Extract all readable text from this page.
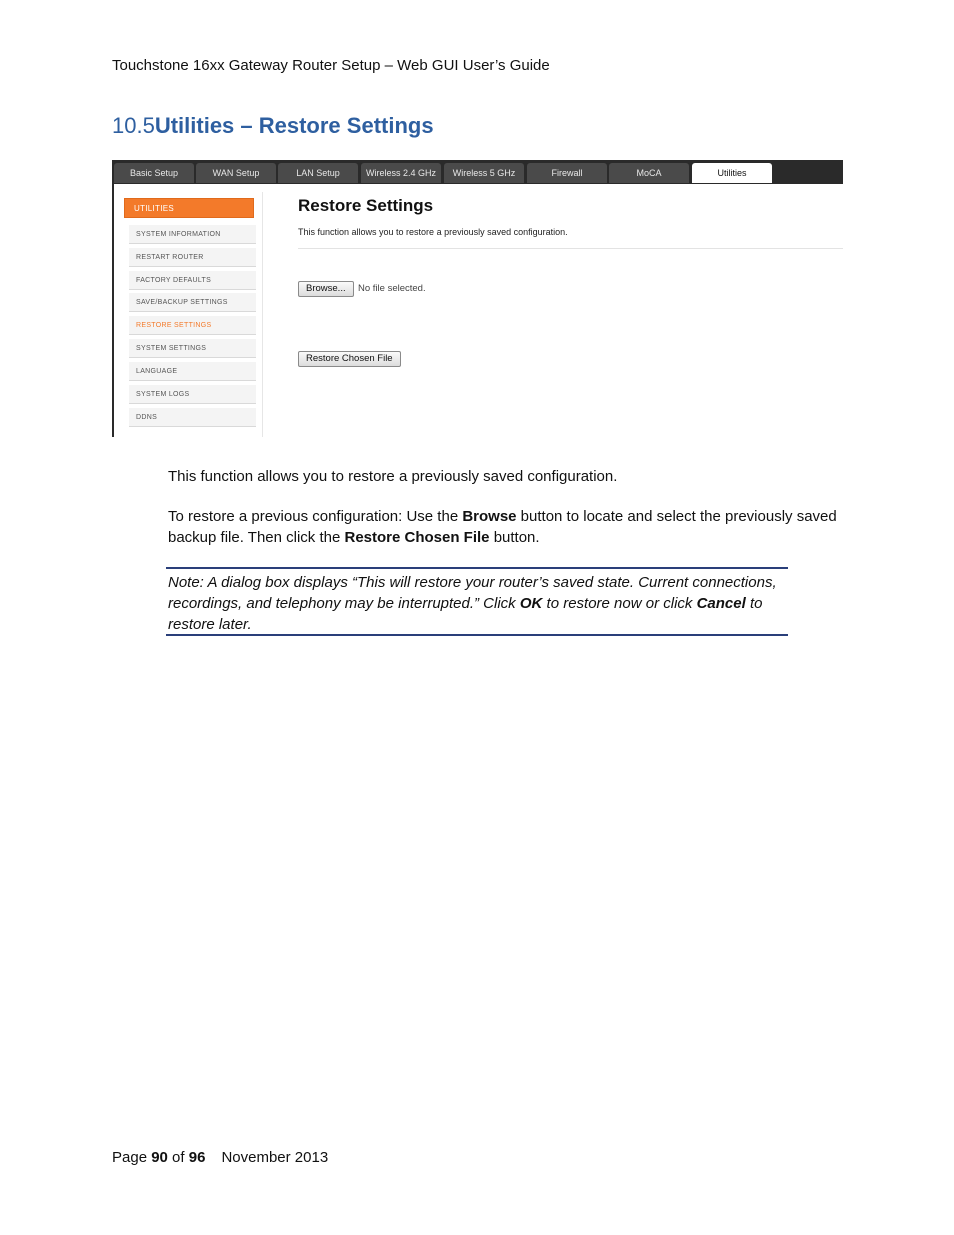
Touchstone 16xx Gateway Router Setup – Web GUI User’s Guide
10.5Utilities – Restore Settings
Basic Setup	WAN Setup	LAN Setup	Wireless 2.4 GHz	Wireless 5 GHz	Firewall	MoCA	Utilities
UTILITIES
SYSTEM INFORMATION
RESTART ROUTER
FACTORY DEFAULTS
SAVE/BACKUP SETTINGS
RESTORE SETTINGS
SYSTEM SETTINGS
LANGUAGE
SYSTEM LOGS
DDNS
Restore Settings
This function allows you to restore a previously saved configuration.
Browse...	No file selected.
Restore Chosen File
This function allows you to restore a previously saved configuration.
To restore a previous configuration: Use the Browse button to locate and select the previously saved backup file. Then click the Restore Chosen File button.

Note: A dialog box displays “This will restore your router’s saved state. Current connections, recordings, and telephony may be interrupted.” Click OK to restore now or click Cancel to restore later.

Page 90 of 96 November 2013
